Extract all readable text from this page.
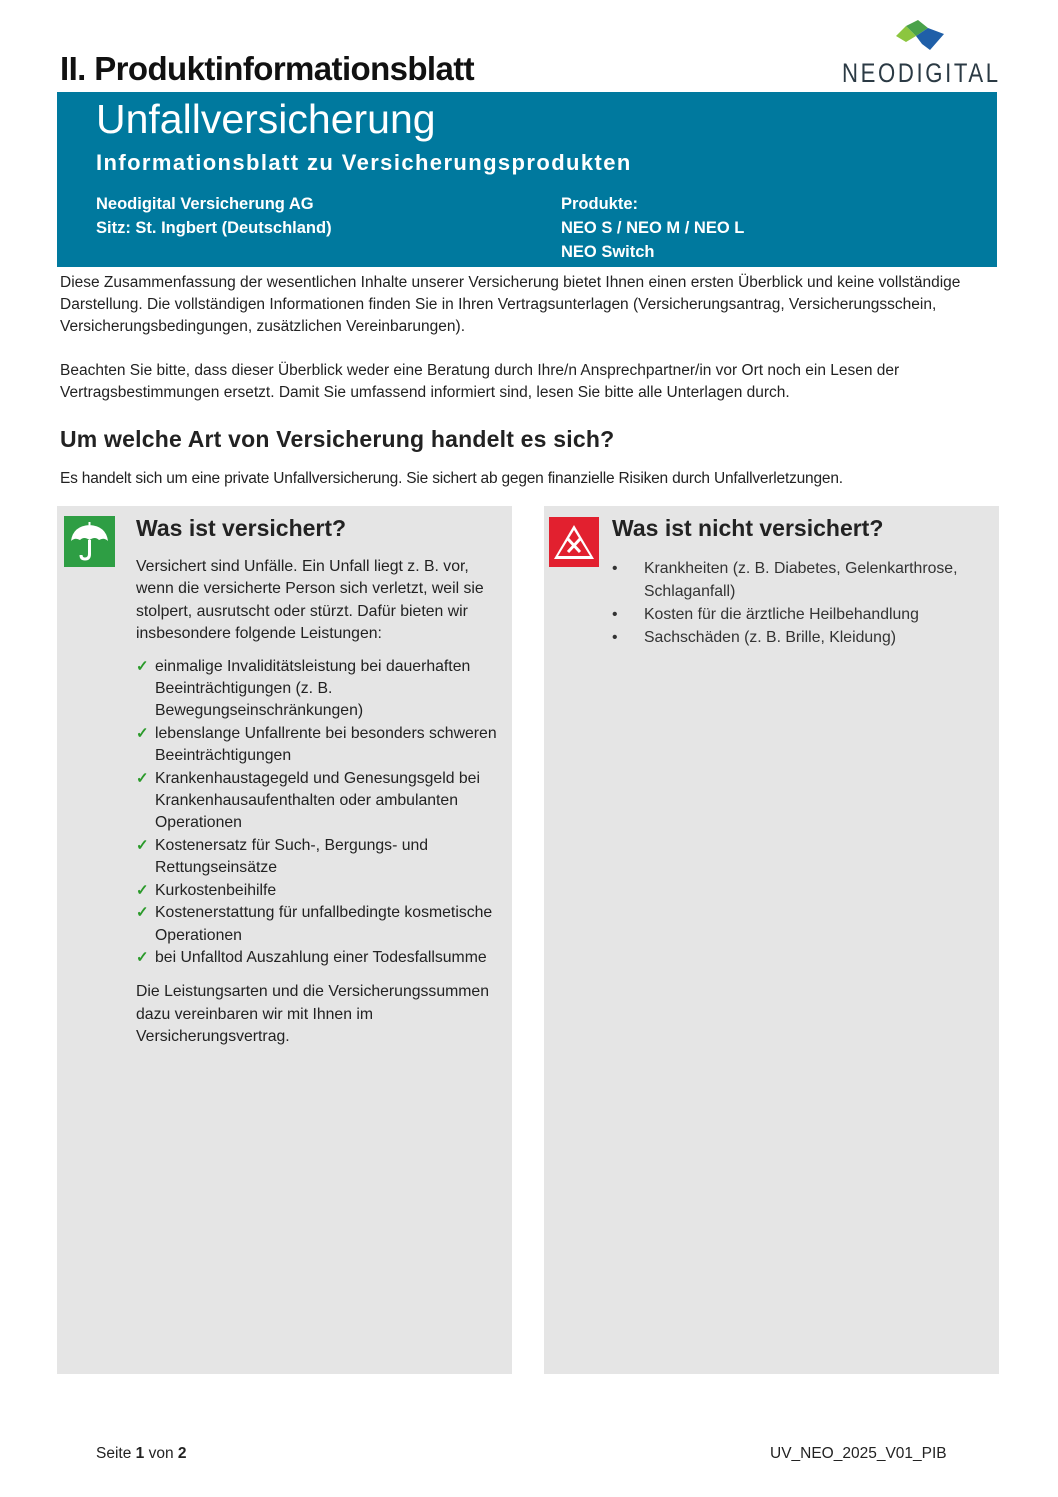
II. Produktinformationsblatt	NEODIGITAL
Unfallversicherung
Informationsblatt zu Versicherungsprodukten
Neodigital Versicherung AG
Sitz: St. Ingbert (Deutschland)
Produkte:
NEO S / NEO M / NEO L
NEO Switch

Diese Zusammenfassung der wesentlichen Inhalte unserer Versicherung bietet Ihnen einen ersten Überblick und keine vollständige Darstellung. Die vollständigen Informationen finden Sie in Ihren Vertragsunterlagen (Versicherungsantrag, Versicherungsschein, Versicherungsbedingungen, zusätzlichen Vereinbarungen).

Beachten Sie bitte, dass dieser Überblick weder eine Beratung durch Ihre/n Ansprechpartner/in vor Ort noch ein Lesen der Vertragsbestimmungen ersetzt. Damit Sie umfassend informiert sind, lesen Sie bitte alle Unterlagen durch.

Um welche Art von Versicherung handelt es sich?

Es handelt sich um eine private Unfallversicherung. Sie sichert ab gegen finanzielle Risiken durch Unfallverletzungen.

Was ist versichert?

Versichert sind Unfälle. Ein Unfall liegt z. B. vor, wenn die versicherte Person sich verletzt, weil sie stolpert, ausrutscht oder stürzt. Dafür bieten wir insbesondere folgende Leistungen:

✓ einmalige Invaliditätsleistung bei dauerhaften Beeinträchtigungen (z. B. Bewegungseinschränkungen)
✓ lebenslange Unfallrente bei besonders schweren Beeinträchtigungen
✓ Krankenhaustagegeld und Genesungsgeld bei Krankenhausaufenthalten oder ambulanten Operationen
✓ Kostenersatz für Such-, Bergungs- und Rettungseinsätze
✓ Kurkostenbeihilfe
✓ Kostenerstattung für unfallbedingte kosmetische Operationen
✓ bei Unfalltod Auszahlung einer Todesfallsumme

Die Leistungsarten und die Versicherungssummen dazu vereinbaren wir mit Ihnen im Versicherungsvertrag.

Was ist nicht versichert?
• Krankheiten (z. B. Diabetes, Gelenkarthrose, Schlaganfall)
• Kosten für die ärztliche Heilbehandlung
• Sachschäden (z. B. Brille, Kleidung)
Seite 1 von 2	UV_NEO_2025_V01_PIB
